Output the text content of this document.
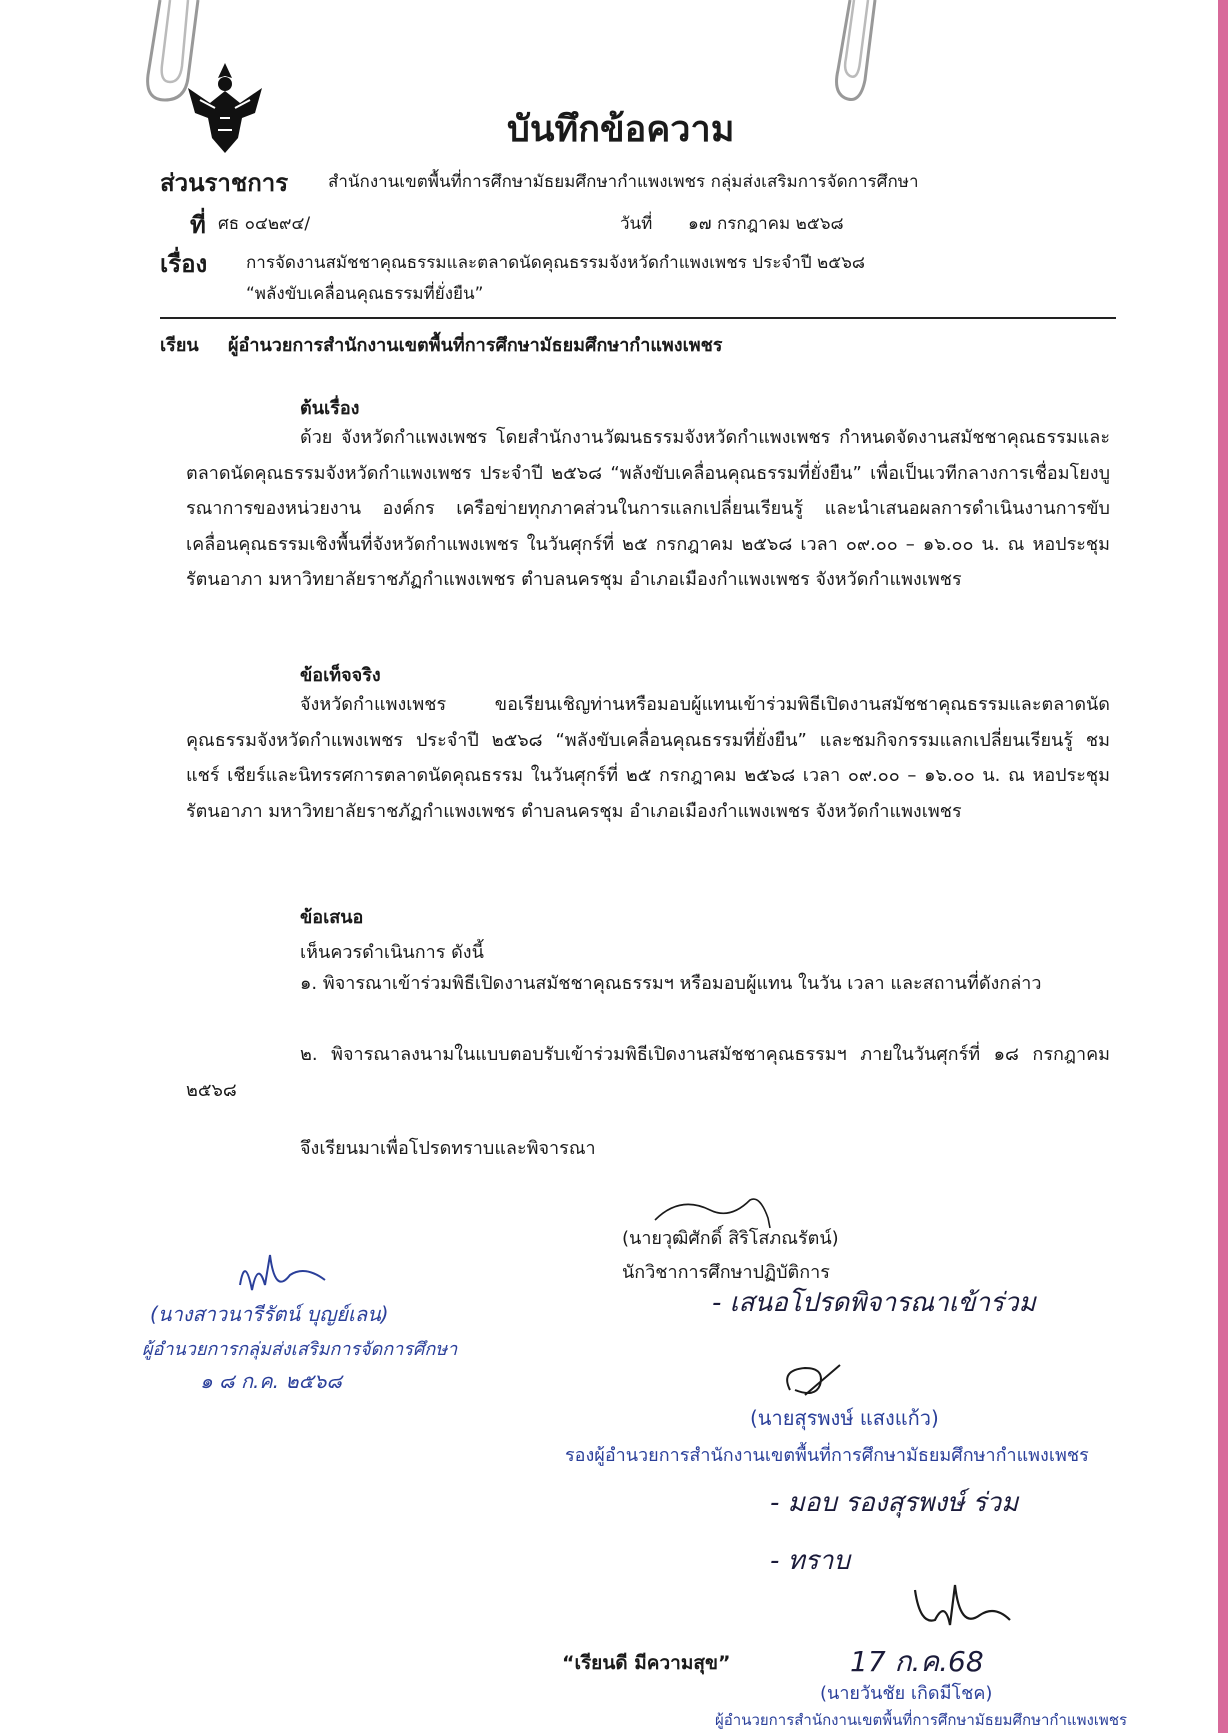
บันทึกข้อความ
ส่วนราชการ สำนักงานเขตพื้นที่การศึกษามัธยมศึกษากำแพงเพชร กลุ่มส่งเสริมการจัดการศึกษา
ที่ ศธ ๐๔๒๙๔/	วันที่ ๑๗ กรกฎาคม ๒๕๖๘
เรื่อง การจัดงานสมัชชาคุณธรรมและตลาดนัดคุณธรรมจังหวัดกำแพงเพชร ประจำปี ๒๕๖๘
“พลังขับเคลื่อนคุณธรรมที่ยั่งยืน”
เรียน ผู้อำนวยการสำนักงานเขตพื้นที่การศึกษามัธยมศึกษากำแพงเพชร
ต้นเรื่อง
ด้วย จังหวัดกำแพงเพชร โดยสำนักงานวัฒนธรรมจังหวัดกำแพงเพชร กำหนดจัดงานสมัชชาคุณธรรมและตลาดนัดคุณธรรมจังหวัดกำแพงเพชร ประจำปี ๒๕๖๘ “พลังขับเคลื่อนคุณธรรมที่ยั่งยืน” เพื่อเป็นเวทีกลางการเชื่อมโยงบูรณาการของหน่วยงาน องค์กร เครือข่ายทุกภาคส่วนในการแลกเปลี่ยนเรียนรู้ และนำเสนอผลการดำเนินงานการขับเคลื่อนคุณธรรมเชิงพื้นที่จังหวัดกำแพงเพชร ในวันศุกร์ที่ ๒๕ กรกฎาคม ๒๕๖๘ เวลา ๐๙.๐๐ – ๑๖.๐๐ น. ณ หอประชุมรัตนอาภา มหาวิทยาลัยราชภัฏกำแพงเพชร ตำบลนครชุม อำเภอเมืองกำแพงเพชร จังหวัดกำแพงเพชร
ข้อเท็จจริง
จังหวัดกำแพงเพชร ขอเรียนเชิญท่านหรือมอบผู้แทนเข้าร่วมพิธีเปิดงานสมัชชาคุณธรรมและตลาดนัดคุณธรรมจังหวัดกำแพงเพชร ประจำปี ๒๕๖๘ “พลังขับเคลื่อนคุณธรรมที่ยั่งยืน” และชมกิจกรรมแลกเปลี่ยนเรียนรู้ ชม แชร์ เชียร์และนิทรรศการตลาดนัดคุณธรรม ในวันศุกร์ที่ ๒๕ กรกฎาคม ๒๕๖๘ เวลา ๐๙.๐๐ – ๑๖.๐๐ น. ณ หอประชุมรัตนอาภา มหาวิทยาลัยราชภัฏกำแพงเพชร ตำบลนครชุม อำเภอเมืองกำแพงเพชร จังหวัดกำแพงเพชร
ข้อเสนอ
เห็นควรดำเนินการ ดังนี้
๑. พิจารณาเข้าร่วมพิธีเปิดงานสมัชชาคุณธรรมฯ หรือมอบผู้แทน ในวัน เวลา และสถานที่ดังกล่าว
๒. พิจารณาลงนามในแบบตอบรับเข้าร่วมพิธีเปิดงานสมัชชาคุณธรรมฯ ภายในวันศุกร์ที่ ๑๘ กรกฎาคม ๒๕๖๘
จึงเรียนมาเพื่อโปรดทราบและพิจารณา
(นายวุฒิศักดิ์ สิริโสภณรัตน์)
นักวิชาการศึกษาปฏิบัติการ
- เสนอโปรดพิจารณาเข้าร่วม
(นางสาวนารีรัตน์ บุญย์เลน)
ผู้อำนวยการกลุ่มส่งเสริมการจัดการศึกษา
๑ ๘ ก.ค. ๒๕๖๘
(นายสุรพงษ์ แสงแก้ว)
รองผู้อำนวยการสำนักงานเขตพื้นที่การศึกษามัธยมศึกษากำแพงเพชร
- มอบ รองสุรพงษ์ ร่วม
- ทราบ
17 ก.ค.68
“เรียนดี มีความสุข”
(นายวันชัย เกิดมีโชค)
ผู้อำนวยการสำนักงานเขตพื้นที่การศึกษามัธยมศึกษากำแพงเพชร
